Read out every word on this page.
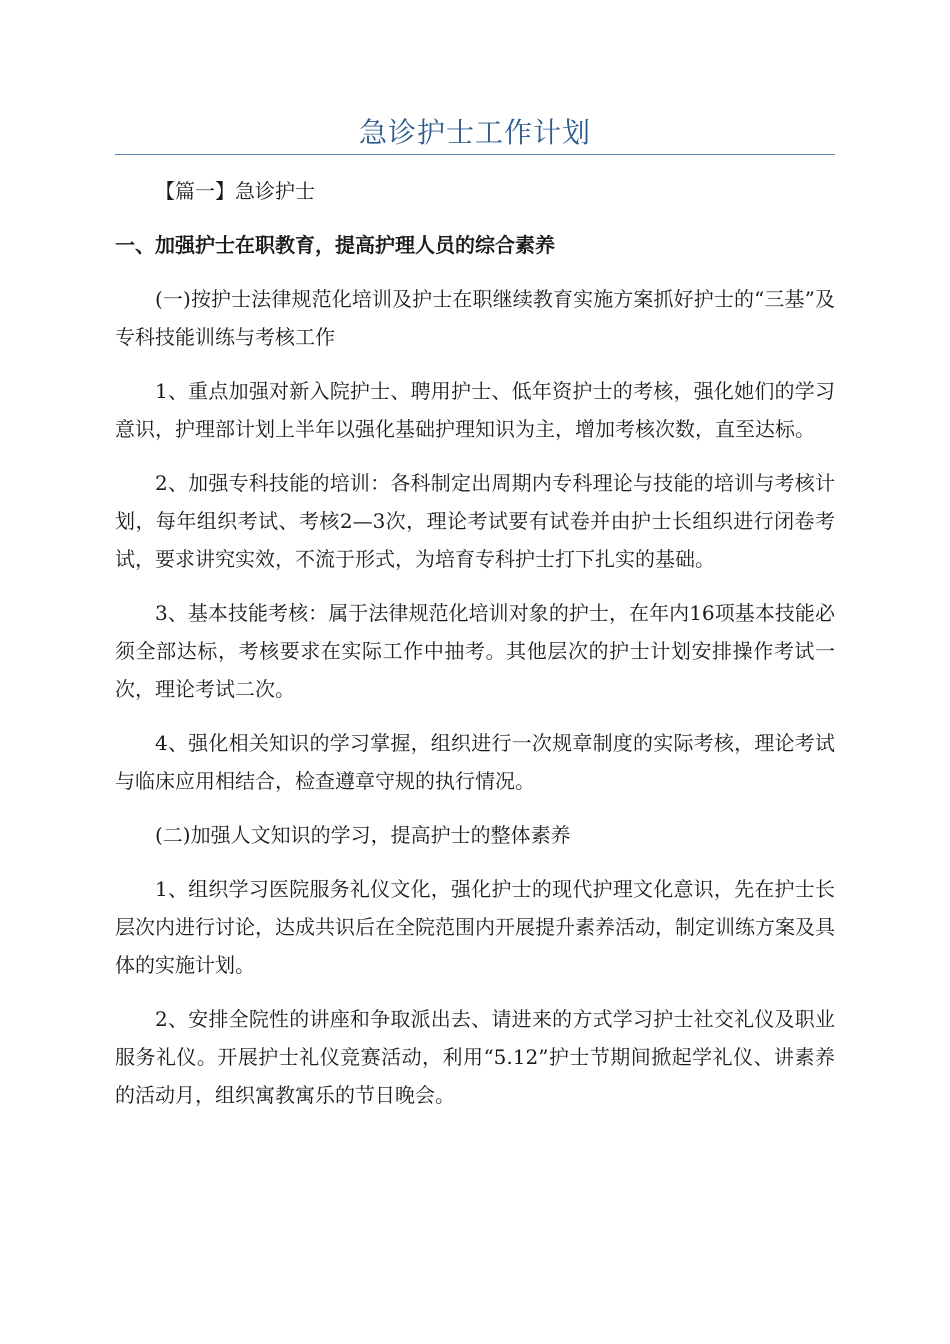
急诊护士工作计划

【篇一】急诊护士

一、加强护士在职教育，提高护理人员的综合素养

(一)按护士法律规范化培训及护士在职继续教育实施方案抓好护士的“三基”及专科技能训练与考核工作

1、重点加强对新入院护士、聘用护士、低年资护士的考核，强化她们的学习意识，护理部计划上半年以强化基础护理知识为主，增加考核次数，直至达标。

2、加强专科技能的培训：各科制定出周期内专科理论与技能的培训与考核计划，每年组织考试、考核2—3次，理论考试要有试卷并由护士长组织进行闭卷考试，要求讲究实效，不流于形式，为培育专科护士打下扎实的基础。

3、基本技能考核：属于法律规范化培训对象的护士，在年内16项基本技能必须全部达标，考核要求在实际工作中抽考。其他层次的护士计划安排操作考试一次，理论考试二次。

4、强化相关知识的学习掌握，组织进行一次规章制度的实际考核，理论考试与临床应用相结合，检查遵章守规的执行情况。

(二)加强人文知识的学习，提高护士的整体素养

1、组织学习医院服务礼仪文化，强化护士的现代护理文化意识，先在护士长层次内进行讨论，达成共识后在全院范围内开展提升素养活动，制定训练方案及具体的实施计划。

2、安排全院性的讲座和争取派出去、请进来的方式学习护士社交礼仪及职业服务礼仪。开展护士礼仪竞赛活动，利用“5.12”护士节期间掀起学礼仪、讲素养的活动月，组织寓教寓乐的节日晚会。
